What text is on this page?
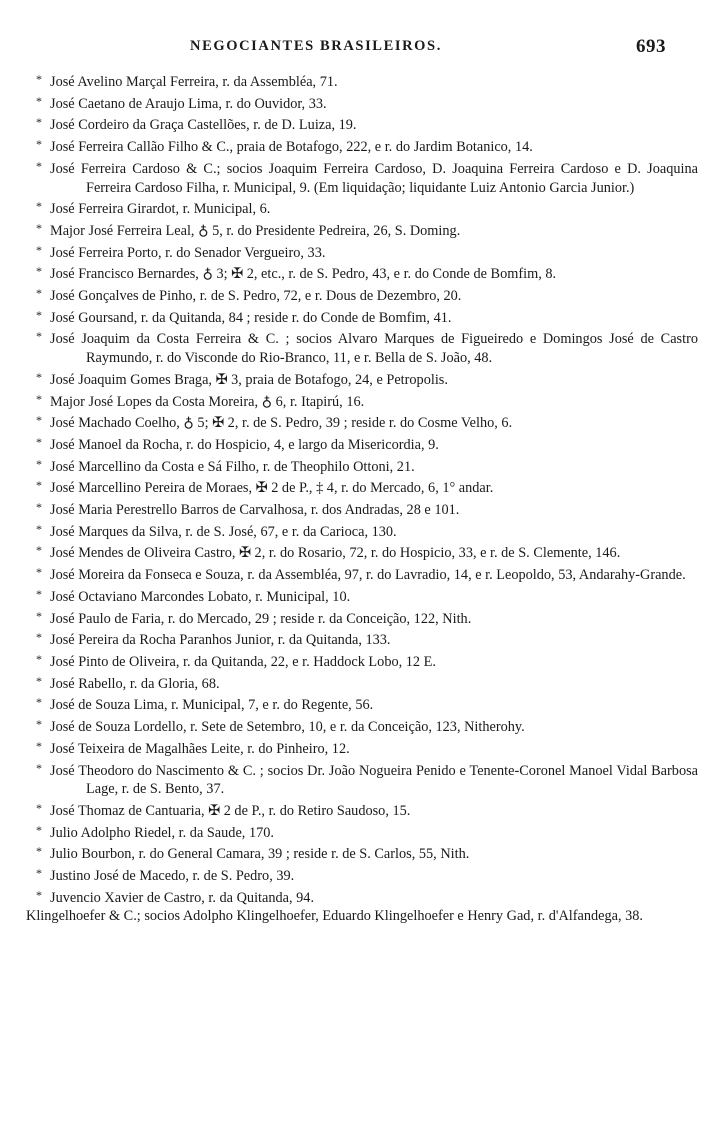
NEGOCIANTES BRASILEIROS.	693
* José Avelino Marçal Ferreira, r. da Assembléa, 71.
* José Caetano de Araujo Lima, r. do Ouvidor, 33.
* José Cordeiro da Graça Castellões, r. de D. Luiza, 19.
* José Ferreira Callão Filho & C., praia de Botafogo, 222, e r. do Jardim Botanico, 14.
* José Ferreira Cardoso & C.; socios Joaquim Ferreira Cardoso, D. Joaquina Ferreira Cardoso e D. Joaquina Ferreira Cardoso Filha, r. Municipal, 9. (Em liquidação; liquidante Luiz Antonio Garcia Junior.)
* José Ferreira Girardot, r. Municipal, 6.
* Major José Ferreira Leal, ♁ 5, r. do Presidente Pedreira, 26, S. Doming.
* José Ferreira Porto, r. do Senador Vergueiro, 33.
* José Francisco Bernardes, ♁ 3; ✠ 2, etc., r. de S. Pedro, 43, e r. do Conde de Bomfim, 8.
* José Gonçalves de Pinho, r. de S. Pedro, 72, e r. Dous de Dezembro, 20.
* José Goursand, r. da Quitanda, 84 ; reside r. do Conde de Bomfim, 41.
* José Joaquim da Costa Ferreira & C. ; socios Alvaro Marques de Figueiredo e Domingos José de Castro Raymundo, r. do Visconde do Rio-Branco, 11, e r. Bella de S. João, 48.
* José Joaquim Gomes Braga, ✠ 3, praia de Botafogo, 24, e Petropolis.
* Major José Lopes da Costa Moreira, ♁ 6, r. Itapirú, 16.
* José Machado Coelho, ♁ 5; ✠ 2, r. de S. Pedro, 39 ; reside r. do Cosme Velho, 6.
* José Manoel da Rocha, r. do Hospicio, 4, e largo da Misericordia, 9.
* José Marcellino da Costa e Sá Filho, r. de Theophilo Ottoni, 21.
* José Marcellino Pereira de Moraes, ✠ 2 de P., ‡ 4, r. do Mercado, 6, 1° andar.
* José Maria Perestrello Barros de Carvalhosa, r. dos Andradas, 28 e 101.
* José Marques da Silva, r. de S. José, 67, e r. da Carioca, 130.
* José Mendes de Oliveira Castro, ✠ 2, r. do Rosario, 72, r. do Hospicio, 33, e r. de S. Clemente, 146.
* José Moreira da Fonseca e Souza, r. da Assembléa, 97, r. do Lavradio, 14, e r. Leopoldo, 53, Andarahy-Grande.
* José Octaviano Marcondes Lobato, r. Municipal, 10.
* José Paulo de Faria, r. do Mercado, 29 ; reside r. da Conceição, 122, Nith.
* José Pereira da Rocha Paranhos Junior, r. da Quitanda, 133.
* José Pinto de Oliveira, r. da Quitanda, 22, e r. Haddock Lobo, 12 E.
* José Rabello, r. da Gloria, 68.
* José de Souza Lima, r. Municipal, 7, e r. do Regente, 56.
* José de Souza Lordello, r. Sete de Setembro, 10, e r. da Conceição, 123, Nitherohy.
* José Teixeira de Magalhães Leite, r. do Pinheiro, 12.
* José Theodoro do Nascimento & C. ; socios Dr. João Nogueira Penido e Tenente-Coronel Manoel Vidal Barbosa Lage, r. de S. Bento, 37.
* José Thomaz de Cantuaria, ✠ 2 de P., r. do Retiro Saudoso, 15.
* Julio Adolpho Riedel, r. da Saude, 170.
* Julio Bourbon, r. do General Camara, 39 ; reside r. de S. Carlos, 55, Nith.
* Justino José de Macedo, r. de S. Pedro, 39.
* Juvencio Xavier de Castro, r. da Quitanda, 94.
Klingelhoefer & C.; socios Adolpho Klingelhoefer, Eduardo Klingelhoefer e Henry Gad, r. d'Alfandega, 38.
